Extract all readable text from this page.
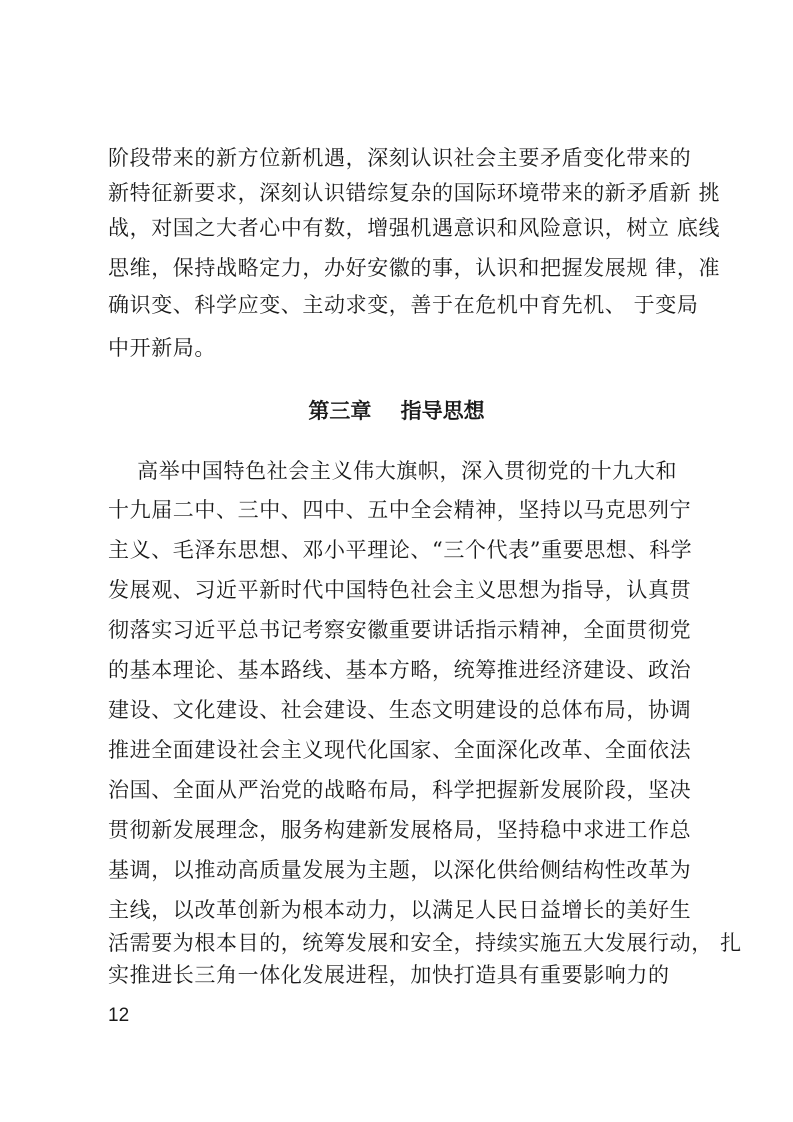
阶段带来的新方位新机遇，深刻认识社会主要矛盾变化带来的
新特征新要求，深刻认识错综复杂的国际环境带来的新矛盾新 挑
战，对国之大者心中有数，增强机遇意识和风险意识，树立 底线
思维，保持战略定力，办好安徽的事，认识和把握发展规 律，准
确识变、科学应变、主动求变，善于在危机中育先机、 于变局
中开新局。
第三章    指导思想
高举中国特色社会主义伟大旗帜，深入贯彻党的十九大和
十九届二中、三中、四中、五中全会精神，坚持以马克思列宁
主义、毛泽东思想、邓小平理论、“三个代表”重要思想、科学
发展观、习近平新时代中国特色社会主义思想为指导，认真贯
彻落实习近平总书记考察安徽重要讲话指示精神，全面贯彻党
的基本理论、基本路线、基本方略，统筹推进经济建设、政治
建设、文化建设、社会建设、生态文明建设的总体布局，协调
推进全面建设社会主义现代化国家、全面深化改革、全面依法
治国、全面从严治党的战略布局，科学把握新发展阶段，坚决
贯彻新发展理念，服务构建新发展格局，坚持稳中求进工作总
基调，以推动高质量发展为主题，以深化供给侧结构性改革为
主线，以改革创新为根本动力，以满足人民日益增长的美好生
活需要为根本目的，统筹发展和安全，持续实施五大发展行动， 扎
实推进长三角一体化发展进程，加快打造具有重要影响力的
12
